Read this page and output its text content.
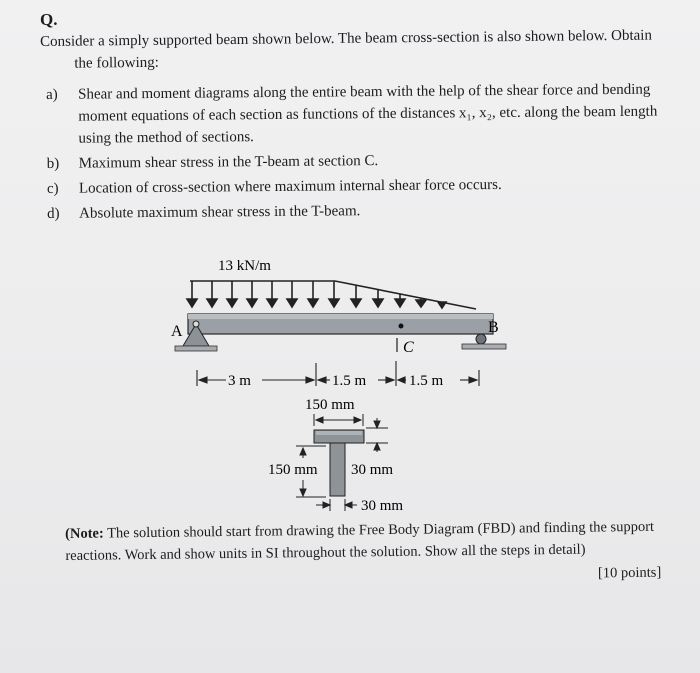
Q.
Consider a simply supported beam shown below. The beam cross-section is also shown below. Obtain
the following:
a) Shear and moment diagrams along the entire beam with the help of the shear force and bending
moment equations of each section as functions of the distances x₁, x₂, etc. along the beam length
using the method of sections.
b) Maximum shear stress in the T-beam at section C.
c) Location of cross-section where maximum internal shear force occurs.
d) Absolute maximum shear stress in the T-beam.
13 kN/m
A	B
C
3 m	1.5 m	1.5 m
150 mm
150 mm 30 mm
30 mm
(Note: The solution should start from drawing the Free Body Diagram (FBD) and finding the support
reactions. Work and show units in SI throughout the solution. Show all the steps in detail)
[10 points]
